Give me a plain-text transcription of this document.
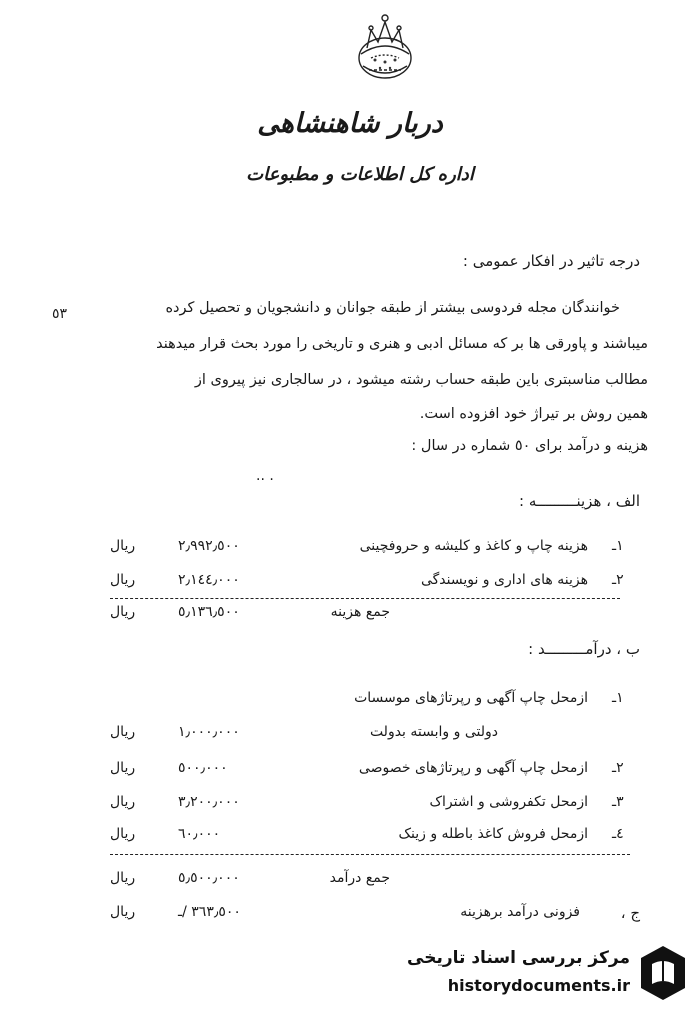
دربار شاهنشاهی
اداره کل اطلاعات و مطبوعات
درجه تاثیر در افکار عمومی :
٥٣	خوانندگان مجله فردوسی بیشتر از طبقه جوانان و دانشجویان و تحصیل کرده
میباشند و پاورقی ها بر که مسائل ادبی و هنری و تاریخی را مورد بحث قرار میدهند
مطالب مناسبتری باین طبقه حساب رشته میشود ، در سالجاری نیز پیروی از
همین روش بر تیراژ خود افزوده است.
هزینه و درآمد برای ٥٠ شماره در سال :
.. .
الف ، هزینـــــــــه :
١ـ
هزینه چاپ و کاغذ و کلیشه و حروفچینی
٢٫٩٩٢٫٥٠٠
ریال
٢ـ
هزینه های اداری و نویسندگی
٢٫١٤٤٫٠٠٠
ریال
جمع هزینه
٥٫١٣٦٫٥٠٠
ریال
ب ، درآمـــــــــد :
١ـ
ازمحل چاپ آگهی و رپرتاژهای موسسات
دولتی و وابسته بدولت
١٫٠٠٠٫٠٠٠
ریال
٢ـ
ازمحل چاپ آگهی و رپرتاژهای خصوصی
٥٠٠٫٠٠٠
ریال
٣ـ
ازمحل تکفروشی و اشتراک
٣٫٢٠٠٫٠٠٠
ریال
٤ـ
ازمحل فروش کاغذ باطله و زینک
٦٠٫٠٠٠
ریال
جمع درآمد
٥٫٥٠٠٫٠٠٠
ریال
ج ،
فزونی درآمد برهزینه
٣٦٣٫٥٠٠ /ـ
ریال
مرکز بررسی اسناد تاریخی
historydocuments.ir
